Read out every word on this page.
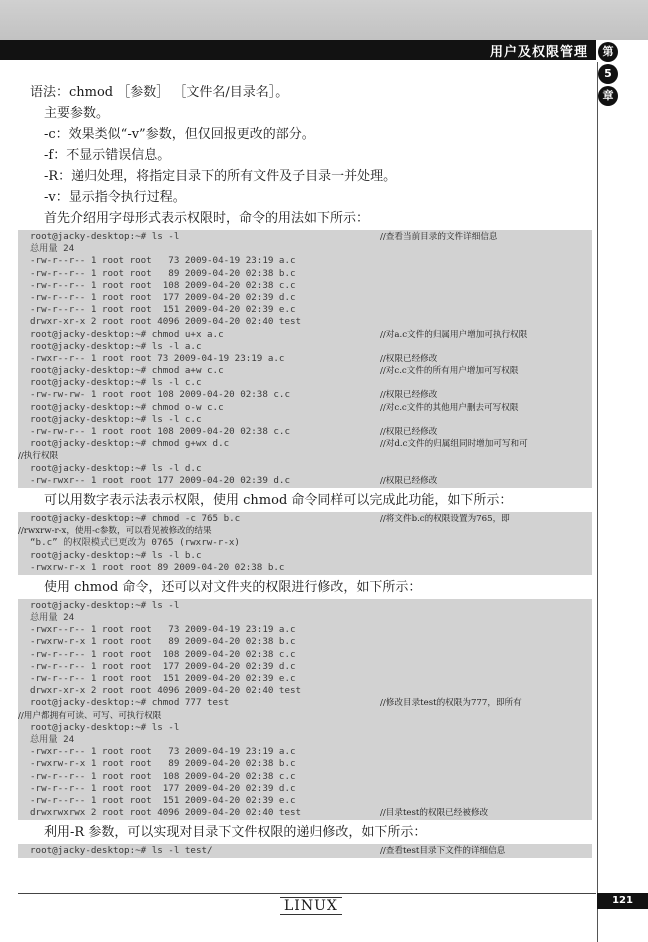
用户及权限管理	第
5
章

语法：chmod ［参数］ ［文件名/目录名］。

主要参数。

-c：效果类似“-v”参数，但仅回报更改的部分。

-f：不显示错误信息。

-R：递归处理，将指定目录下的所有文件及子目录一并处理。

-v：显示指令执行过程。

首先介绍用字母形式表示权限时，命令的用法如下所示：

root@jacky-desktop:~# ls -l	//查看当前目录的文件详细信息
总用量 24
-rw-r--r-- 1 root root   73 2009-04-19 23:19 a.c
-rw-r--r-- 1 root root   89 2009-04-20 02:38 b.c
-rw-r--r-- 1 root root  108 2009-04-20 02:38 c.c
-rw-r--r-- 1 root root  177 2009-04-20 02:39 d.c
-rw-r--r-- 1 root root  151 2009-04-20 02:39 e.c
drwxr-xr-x 2 root root 4096 2009-04-20 02:40 test
root@jacky-desktop:~# chmod u+x a.c	//对a.c文件的归属用户增加可执行权限
root@jacky-desktop:~# ls -l a.c
-rwxr--r-- 1 root root 73 2009-04-19 23:19 a.c	//权限已经修改
root@jacky-desktop:~# chmod a+w c.c	//对c.c文件的所有用户增加可写权限
root@jacky-desktop:~# ls -l c.c
-rw-rw-rw- 1 root root 108 2009-04-20 02:38 c.c	//权限已经修改
root@jacky-desktop:~# chmod o-w c.c	//对c.c文件的其他用户删去可写权限
root@jacky-desktop:~# ls -l c.c
-rw-rw-r-- 1 root root 108 2009-04-20 02:38 c.c	//权限已经修改
root@jacky-desktop:~# chmod g+wx d.c	//对d.c文件的归属组同时增加可写和可
//执行权限
root@jacky-desktop:~# ls -l d.c
-rw-rwxr-- 1 root root 177 2009-04-20 02:39 d.c	//权限已经修改

可以用数字表示法表示权限，使用 chmod 命令同样可以完成此功能，如下所示：

root@jacky-desktop:~# chmod -c 765 b.c	//将文件b.c的权限设置为765，即
//rwxrw-r-x，使用-c参数，可以看见被修改的结果
“b.c” 的权限模式已更改为 0765 (rwxrw-r-x)
root@jacky-desktop:~# ls -l b.c
-rwxrw-r-x 1 root root 89 2009-04-20 02:38 b.c

使用 chmod 命令，还可以对文件夹的权限进行修改，如下所示：

root@jacky-desktop:~# ls -l
总用量 24
-rwxr--r-- 1 root root   73 2009-04-19 23:19 a.c
-rwxrw-r-x 1 root root   89 2009-04-20 02:38 b.c
-rw-r--r-- 1 root root  108 2009-04-20 02:38 c.c
-rw-r--r-- 1 root root  177 2009-04-20 02:39 d.c
-rw-r--r-- 1 root root  151 2009-04-20 02:39 e.c
drwxr-xr-x 2 root root 4096 2009-04-20 02:40 test
root@jacky-desktop:~# chmod 777 test	//修改目录test的权限为777，即所有
//用户都拥有可读、可写、可执行权限
root@jacky-desktop:~# ls -l
总用量 24
-rwxr--r-- 1 root root   73 2009-04-19 23:19 a.c
-rwxrw-r-x 1 root root   89 2009-04-20 02:38 b.c
-rw-r--r-- 1 root root  108 2009-04-20 02:38 c.c
-rw-r--r-- 1 root root  177 2009-04-20 02:39 d.c
-rw-r--r-- 1 root root  151 2009-04-20 02:39 e.c
drwxrwxrwx 2 root root 4096 2009-04-20 02:40 test	//目录test的权限已经被修改

利用-R 参数，可以实现对目录下文件权限的递归修改，如下所示：

root@jacky-desktop:~# ls -l test/	//查看test目录下文件的详细信息
LINUX	121
